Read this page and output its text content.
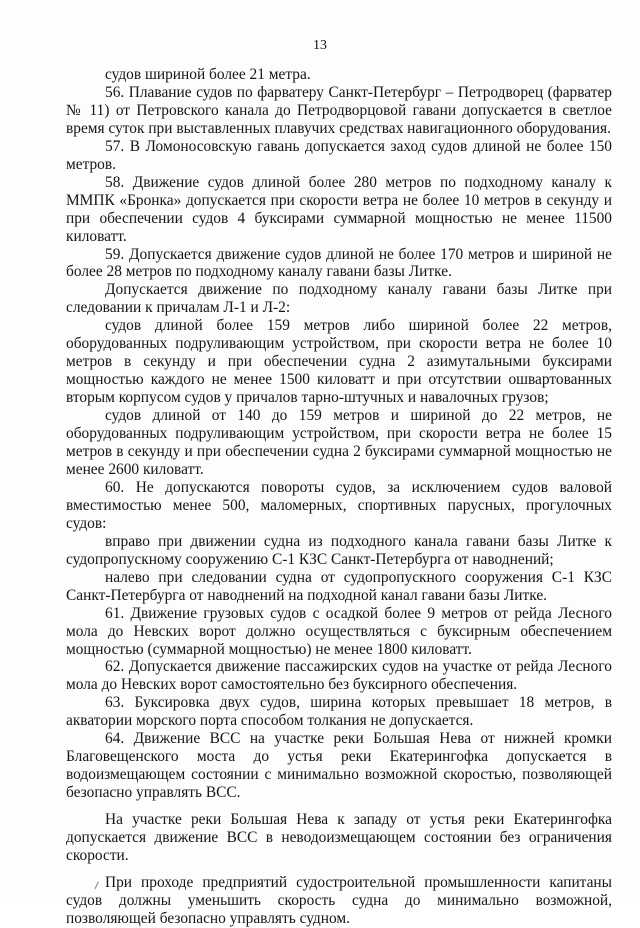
13

судов шириной более 21 метра.

56. Плавание судов по фарватеру Санкт-Петербург – Петродворец (фарватер № 11) от Петровского канала до Петродворцовой гавани допускается в светлое время суток при выставленных плавучих средствах навигационного оборудования.

57. В Ломоносовскую гавань допускается заход судов длиной не более 150 метров.

58. Движение судов длиной более 280 метров по подходному каналу к ММПК «Бронка» допускается при скорости ветра не более 10 метров в секунду и при обеспечении судов 4 буксирами суммарной мощностью не менее 11500 киловатт.

59. Допускается движение судов длиной не более 170 метров и шириной не более 28 метров по подходному каналу гавани базы Литке.

Допускается движение по подходному каналу гавани базы Литке при следовании к причалам Л-1 и Л-2:

судов длиной более 159 метров либо шириной более 22 метров, оборудованных подруливающим устройством, при скорости ветра не более 10 метров в секунду и при обеспечении судна 2 азимутальными буксирами мощностью каждого не менее 1500 киловатт и при отсутствии ошвартованных вторым корпусом судов у причалов тарно-штучных и навалочных грузов;

судов длиной от 140 до 159 метров и шириной до 22 метров, не оборудованных подруливающим устройством, при скорости ветра не более 15 метров в секунду и при обеспечении судна 2 буксирами суммарной мощностью не менее 2600 киловатт.

60. Не допускаются повороты судов, за исключением судов валовой вместимостью менее 500, маломерных, спортивных парусных, прогулочных судов:

вправо при движении судна из подходного канала гавани базы Литке к судопропускному сооружению С-1 КЗС Санкт-Петербурга от наводнений;

налево при следовании судна от судопропускного сооружения С-1 КЗС Санкт-Петербурга от наводнений на подходной канал гавани базы Литке.

61. Движение грузовых судов с осадкой более 9 метров от рейда Лесного мола до Невских ворот должно осуществляться с буксирным обеспечением мощностью (суммарной мощностью) не менее 1800 киловатт.

62. Допускается движение пассажирских судов на участке от рейда Лесного мола до Невских ворот самостоятельно без буксирного обеспечения.

63. Буксировка двух судов, ширина которых превышает 18 метров, в акватории морского порта способом толкания не допускается.

64. Движение ВСС на участке реки Большая Нева от нижней кромки Благовещенского моста до устья реки Екатерингофка допускается в водоизмещающем состоянии с минимально возможной скоростью, позволяющей безопасно управлять ВСС.

На участке реки Большая Нева к западу от устья реки Екатерингофка допускается движение ВСС в неводоизмещающем состоянии без ограничения скорости.

При проходе предприятий судостроительной промышленности капитаны судов должны уменьшить скорость судна до минимально возможной, позволяющей безопасно управлять судном.
